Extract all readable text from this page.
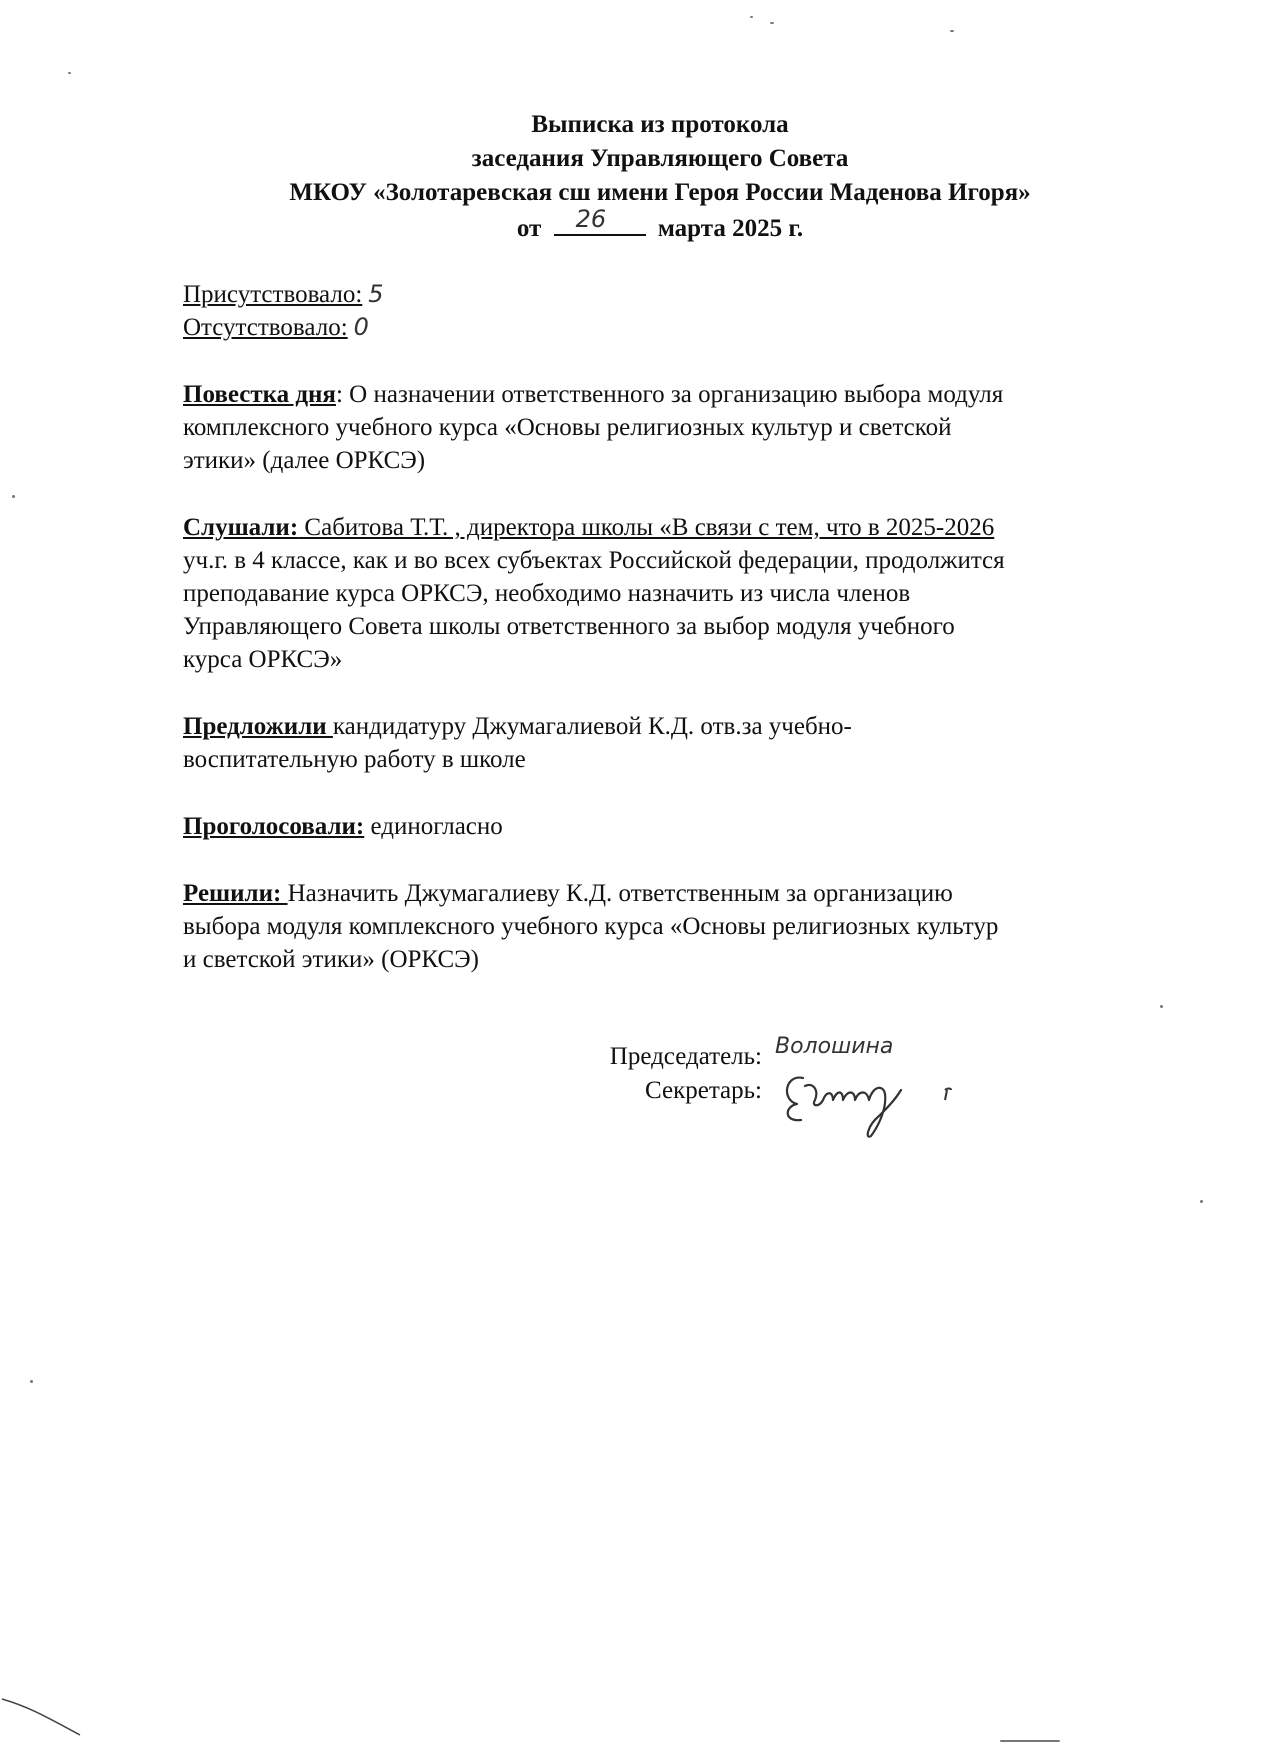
Выписка из протокола
заседания Управляющего Совета
МКОУ «Золотаревская сш имени Героя России Маденова Игоря»
от 26 марта 2025 г.
Присутствовало: 5
Отсутствовало: 0
Повестка дня: О назначении ответственного за организацию выбора модуля
комплексного учебного курса «Основы религиозных культур и светской
этики» (далее ОРКСЭ)
Слушали: Сабитова Т.Т. , директора школы «В связи с тем, что в 2025-2026
уч.г. в 4 классе, как и во всех субъектах Российской федерации, продолжится
преподавание курса ОРКСЭ, необходимо назначить из числа членов
Управляющего Совета школы ответственного за выбор модуля учебного
курса ОРКСЭ»
Предложили кандидатуру Джумагалиевой К.Д. отв.за учебно-
воспитательную работу в школе
Проголосовали: единогласно
Решили: Назначить Джумагалиеву К.Д. ответственным за организацию
выбора модуля комплексного учебного курса «Основы религиозных культур
и светской этики» (ОРКСЭ)
Председатель: Волошина
Секретарь:
